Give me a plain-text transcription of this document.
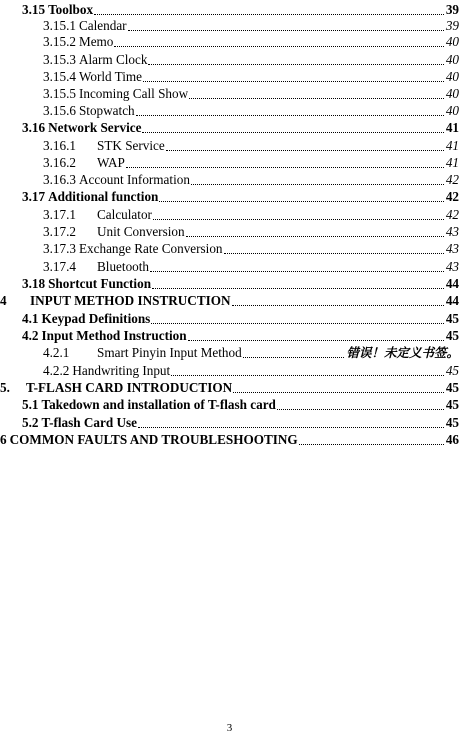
3.15 Toolbox	39
3.15.1 Calendar	39
3.15.2 Memo	40
3.15.3 Alarm Clock	40
3.15.4 World Time	40
3.15.5 Incoming Call Show	40
3.15.6 Stopwatch	40
3.16 Network Service	41
3.16.1 STK Service	41
3.16.2 WAP	41
3.16.3 Account Information	42
3.17 Additional function	42
3.17.1 Calculator	42
3.17.2 Unit Conversion	43
3.17.3 Exchange Rate Conversion	43
3.17.4 Bluetooth	43
3.18 Shortcut Function	44
4 INPUT METHOD INSTRUCTION	44
4.1 Keypad Definitions	45
4.2 Input Method Instruction	45
4.2.1 Smart Pinyin Input Method	错误！未定义书签。
4.2.2 Handwriting Input	45
5. T-FLASH CARD INTRODUCTION	45
5.1 Takedown and installation of T-flash card	45
5.2 T-flash Card Use	45
6 COMMON FAULTS AND TROUBLESHOOTING	46
3
